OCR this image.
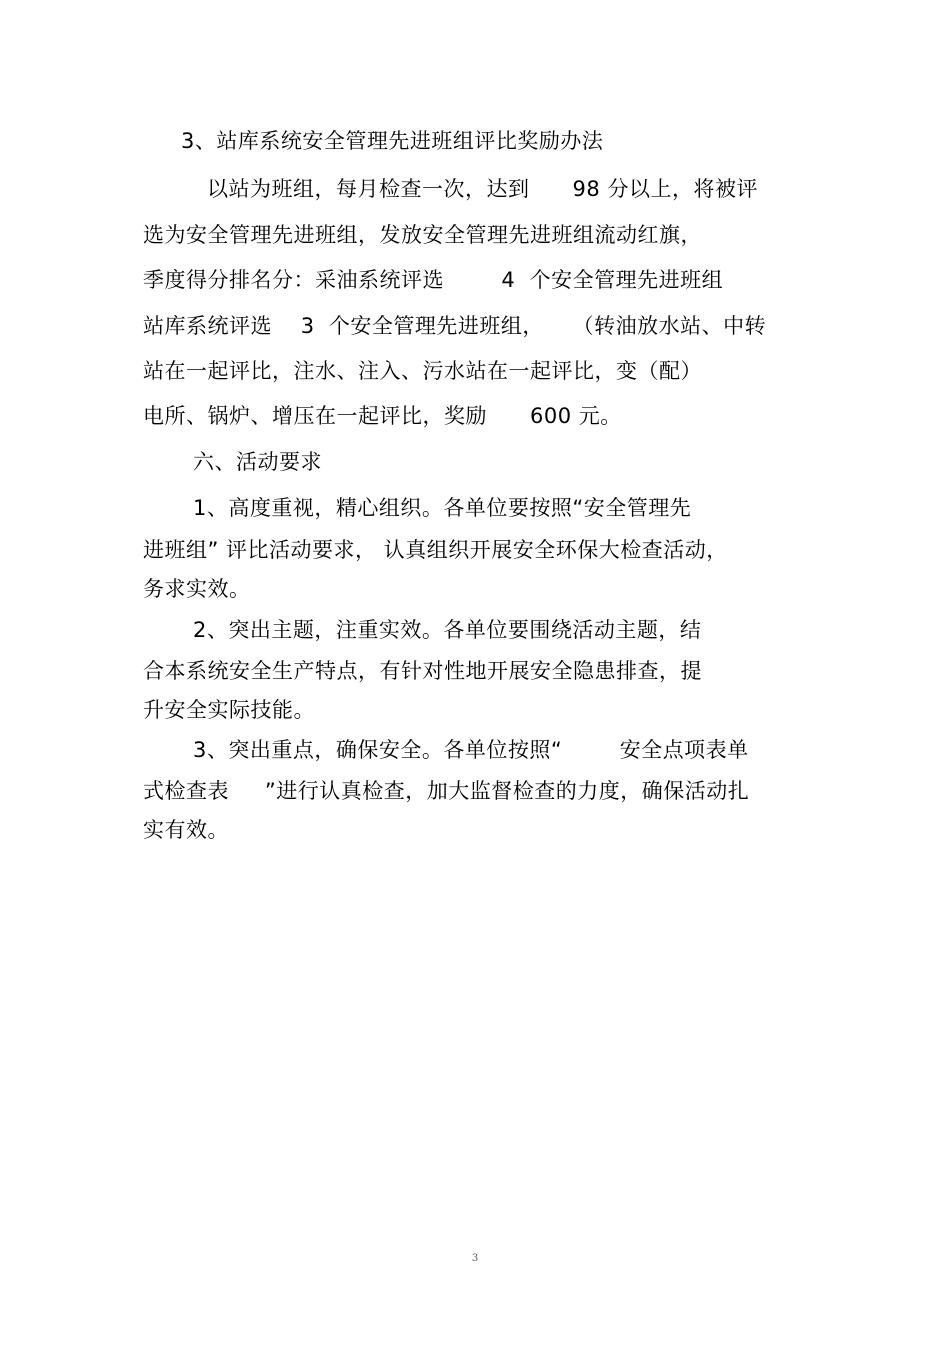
3、站库系统安全管理先进班组评比奖励办法
以站为班组，每月检查一次，达到      98 分以上，将被评
选为安全管理先进班组，发放安全管理先进班组流动红旗，
季度得分排名分：采油系统评选        4  个安全管理先进班组
站库系统评选    3  个安全管理先进班组，    （转油放水站、中转
站在一起评比，注水、注入、污水站在一起评比，变（配）
电所、锅炉、增压在一起评比，奖励      600 元。
六、活动要求
1、高度重视，精心组织。各单位要按照“安全管理先
进班组” 评比活动要求， 认真组织开展安全环保大检查活动，
务求实效。
2、突出主题，注重实效。各单位要围绕活动主题，结
合本系统安全生产特点，有针对性地开展安全隐患排查，提
升安全实际技能。
3、突出重点，确保安全。各单位按照“        安全点项表单
式检查表     ”进行认真检查，加大监督检查的力度，确保活动扎
实有效。
3
